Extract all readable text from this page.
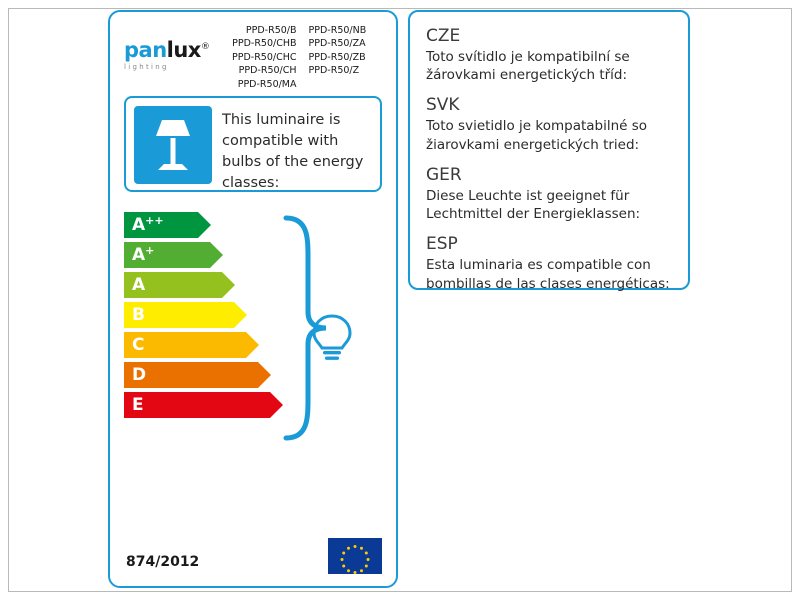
panlux®
lighting
PPD-R50/B
PPD-R50/CHB
PPD-R50/CHC
PPD-R50/CH
PPD-R50/MA
PPD-R50/NB
PPD-R50/ZA
PPD-R50/ZB
PPD-R50/Z
This luminaire is compatible with bulbs of the energy classes:
A++
A+
A
B
C
D
E
874/2012
CZE
Toto svítidlo je kompatibilní se žárovkami energetických tříd:
SVK
Toto svietidlo je kompatabilné so žiarovkami energetických tried:
GER
Diese Leuchte ist geeignet für Lechtmittel der Energieklassen:
ESP
Esta luminaria es compatible con bombillas de las clases energéticas:
